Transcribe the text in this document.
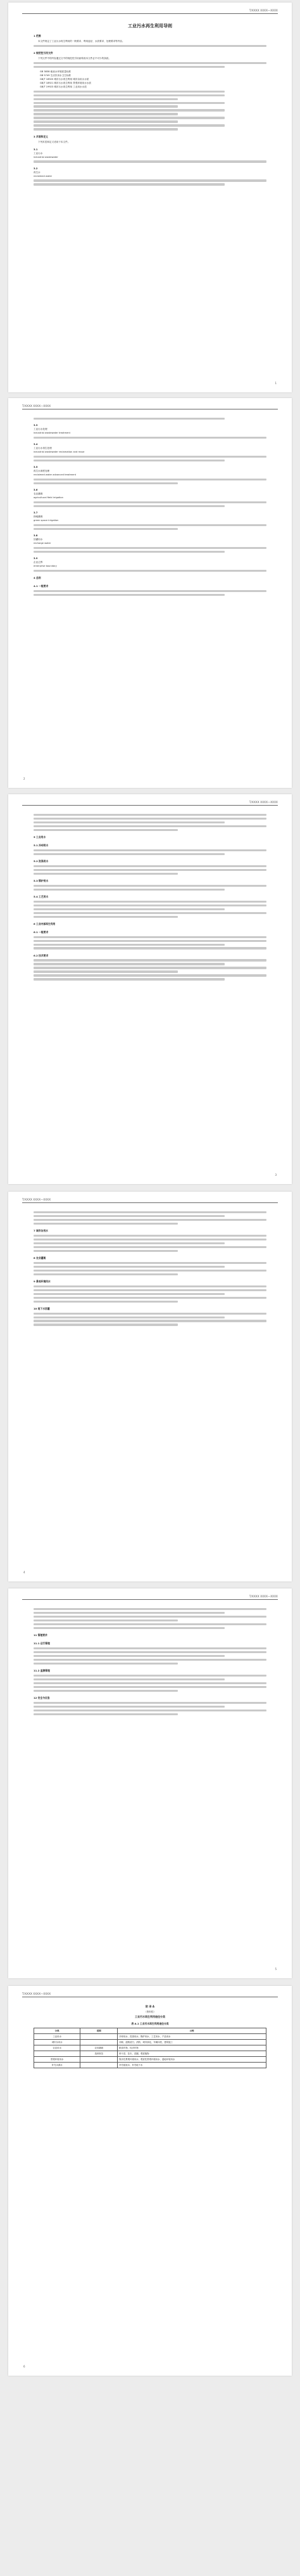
T/XXXX XXXX—XXXX
工业污水再生利用导则
1 范围
本文件规定了工业污水再生利用的一般要求、利用途径、水质要求、处理要求等内容。
2 规范性引用文件
下列文件中的内容通过文中的规范性引用而构成本文件必不可少的条款。
GB 3838 地表水环境质量标准
GB 5749 生活饮用水卫生标准
GB/T 18920 城市污水再生利用 城市杂用水水质
GB/T 18921 城市污水再生利用 景观环境用水水质
GB/T 19923 城市污水再生利用 工业用水水质
3 术语和定义
下列术语和定义适用于本文件。
3.1
工业污水
industrial wastewater
3.2
再生水
reclaimed water
1
T/XXXX XXXX—XXXX
3.3
工业污水处理
industrial wastewater treatment
3.4
工业污水再生处理
industrial wastewater reclamation and reuse
3.5
再生水深度处理
reclaimed water advanced treatment
3.6
农业灌溉
agricultural field irrigation
3.7
绿地灌溉
green space irrigation
3.8
回灌用水
recharge water
3.9
企业边界
enterprise boundary
4 总则
4.1 一般要求
2
T/XXXX XXXX—XXXX
5 工业用水
5.1 冷却用水
5.2 洗涤用水
5.3 锅炉用水
5.4 工艺用水
6 工业内部再生利用
6.1 一般要求
6.2 技术要求
3
T/XXXX XXXX—XXXX
7 城市杂用水
8 农业灌溉
9 景观环境用水
10 地下水回灌
4
T/XXXX XXXX—XXXX
11 管理要求
11.1 运行管理
11.2 监测管理
12 安全与应急
5
T/XXXX XXXX—XXXX
附 录 A
（资料性）
工业污水再生利用途径分类
表 A.1 工业污水再生利用途径分类
分类	范围	示例
工业用水		冷却用水、洗涤用水、锅炉用水、工艺用水、产品用水
城市杂用水		冲厕、道路清扫、消防、城市绿化、车辆冲洗、建筑施工
农业用水	农田灌溉	粮食作物、经济作物
	造林育苗	种子苗、苗木、苗圃、观赏植物
景观环境用水		娱乐性景观环境用水、观赏性景观环境用水、湿地环境用水
补充水源水		补充地表水、补充地下水
6
